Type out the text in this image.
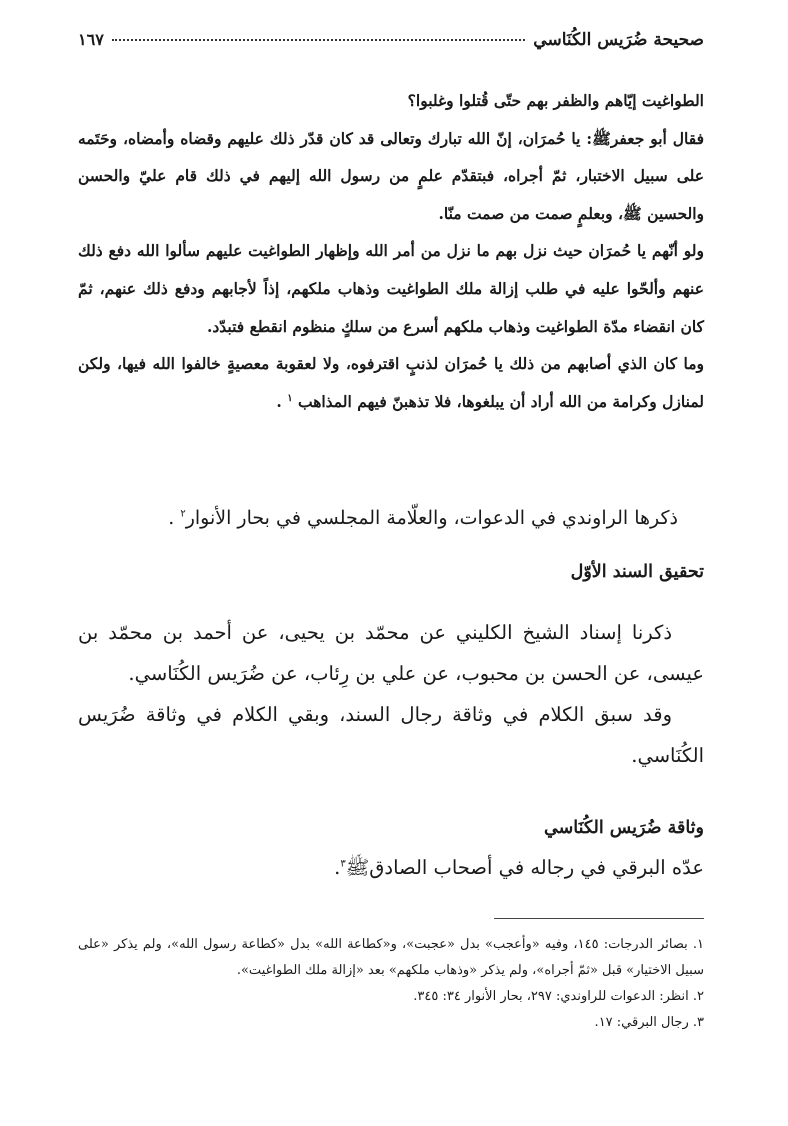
صحيحة ضُرَيس الكُنَاسي
١٦٧

الطواغيت إيّاهم والظفر بهم حتّى قُتلوا وغلبوا؟

فقال أبو جعفرﷺ: يا حُمرَان، إنّ الله تبارك وتعالى قد كان قدّر ذلك عليهم وقضاه وأمضاه، وحَتَمه على سبيل الاختبار، ثمّ أجراه، فبتقدّم علمٍ من رسول الله إليهم في ذلك قام عليّ والحسن والحسين ﷺ، وبعلمٍ صمت من صمت منّا.

ولو أنّهم يا حُمرَان حيث نزل بهم ما نزل من أمر الله وإظهار الطواغيت عليهم سألوا الله دفع ذلك عنهم وألحّوا عليه في طلب إزالة ملك الطواغيت وذهاب ملكهم، إذاً لأجابهم ودفع ذلك عنهم، ثمّ كان انقضاء مدّة الطواغيت وذهاب ملكهم أسرع من سلكٍ منظوم انقطع فتبدّد.

وما كان الذي أصابهم من ذلك يا حُمرَان لذنبٍ اقترفوه، ولا لعقوبة معصيةٍ خالفوا الله فيها، ولكن لمنازل وكرامة من الله أراد أن يبلغوها، فلا تذهبنّ فيهم المذاهب $^١$ .

ذكرها الراوندي في الدعوات، والعلّامة المجلسي في بحار الأنوار$^٢$ .
تحقيق السند الأوّل

ذكرنا إسناد الشيخ الكليني عن محمّد بن يحيى، عن أحمد بن محمّد بن عيسى، عن الحسن بن محبوب، عن علي بن رِئاب، عن ضُرَيس الكُنَاسي.

وقد سبق الكلام في وثاقة رجال السند، وبقي الكلام في وثاقة ضُرَيس الكُنَاسي.

وثاقة ضُرَيس الكُنَاسي
عدّه البرقي في رجاله في أصحاب الصادقﷺ$^٣$.

١. بصائر الدرجات: ١٤٥، وفيه «وأعجب» بدل «عجبت»، و«كطاعة الله» بدل «كطاعة رسول الله»، ولم يذكر «على سبيل الاختيار» قبل «ثمّ أجراه»، ولم يذكر «وذهاب ملكهم» بعد «إزالة ملك الطواغيت».

٢. انظر: الدعوات للراوندي: ٢٩٧، بحار الأنوار ٣٤: ٣٤٥.

٣. رجال البرقي: ١٧.
